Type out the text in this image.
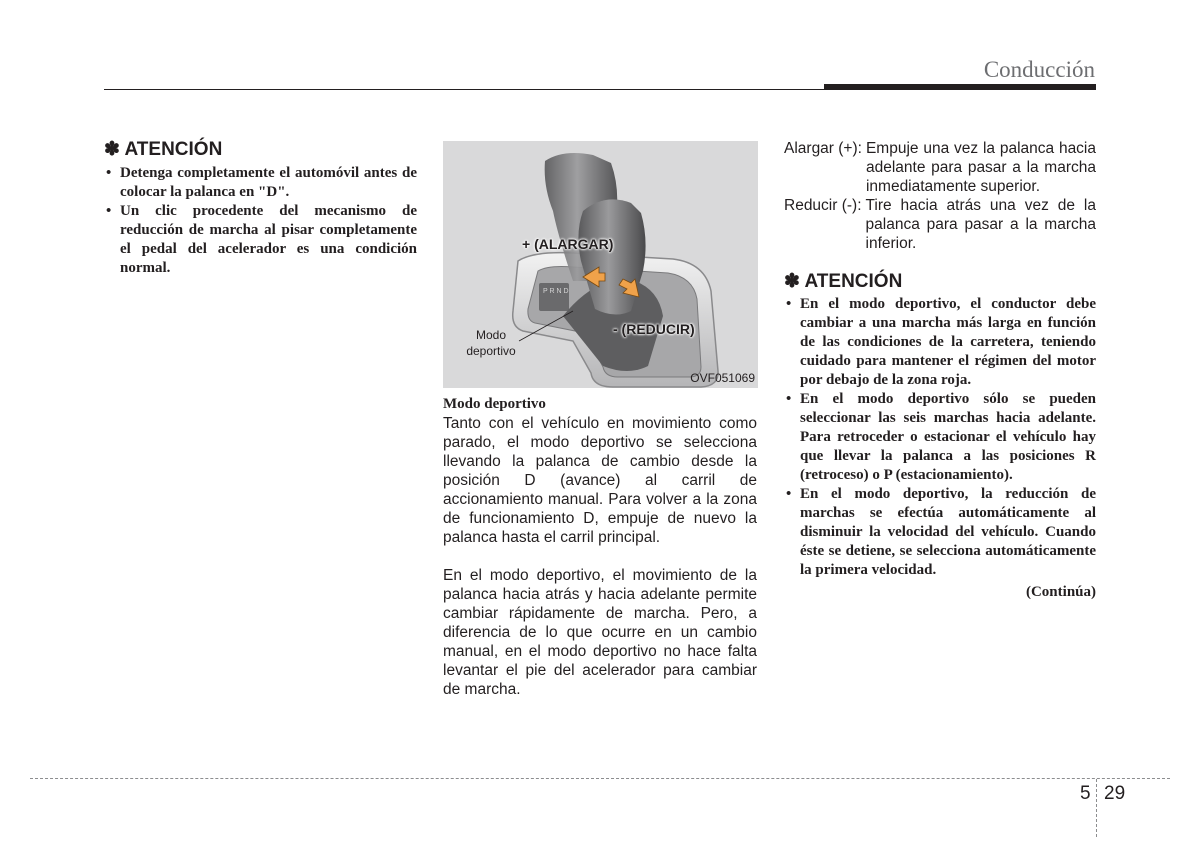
Conducción
✽ ATENCIÓN
• Detenga completamente el automóvil antes de colocar la palanca en "D".
• Un clic procedente del mecanismo de reducción de marcha al pisar completamente el pedal del acelerador es una condición normal.
P R N D
+ (ALARGAR)
- (REDUCIR)
Modo
deportivo
OVF051069
Modo deportivo
Tanto con el vehículo en movimiento como parado, el modo deportivo se selecciona llevando la palanca de cambio desde la posición D (avance) al carril de accionamiento manual. Para volver a la zona de funcionamiento D, empuje de nuevo la palanca hasta el carril principal.
En el modo deportivo, el movimiento de la palanca hacia atrás y hacia adelante permite cambiar rápidamente de marcha. Pero, a diferencia de lo que ocurre en un cambio manual, en el modo deportivo no hace falta levantar el pie del acelerador para cambiar de marcha.
Alargar (+): Empuje una vez la palanca hacia adelante para pasar a la marcha inmediatamente superior.
Reducir (-): Tire hacia atrás una vez de la palanca para pasar a la marcha inferior.
✽ ATENCIÓN
• En el modo deportivo, el conductor debe cambiar a una marcha más larga en función de las condiciones de la carretera, teniendo cuidado para mantener el régimen del motor por debajo de la zona roja.
• En el modo deportivo sólo se pueden seleccionar las seis marchas hacia adelante. Para retroceder o estacionar el vehículo hay que llevar la palanca a las posiciones R (retroceso) o P (estacionamiento).
• En el modo deportivo, la reducción de marchas se efectúa automáticamente al disminuir la velocidad del vehículo. Cuando éste se detiene, se selecciona automáticamente la primera velocidad.
(Continúa)
5 29
